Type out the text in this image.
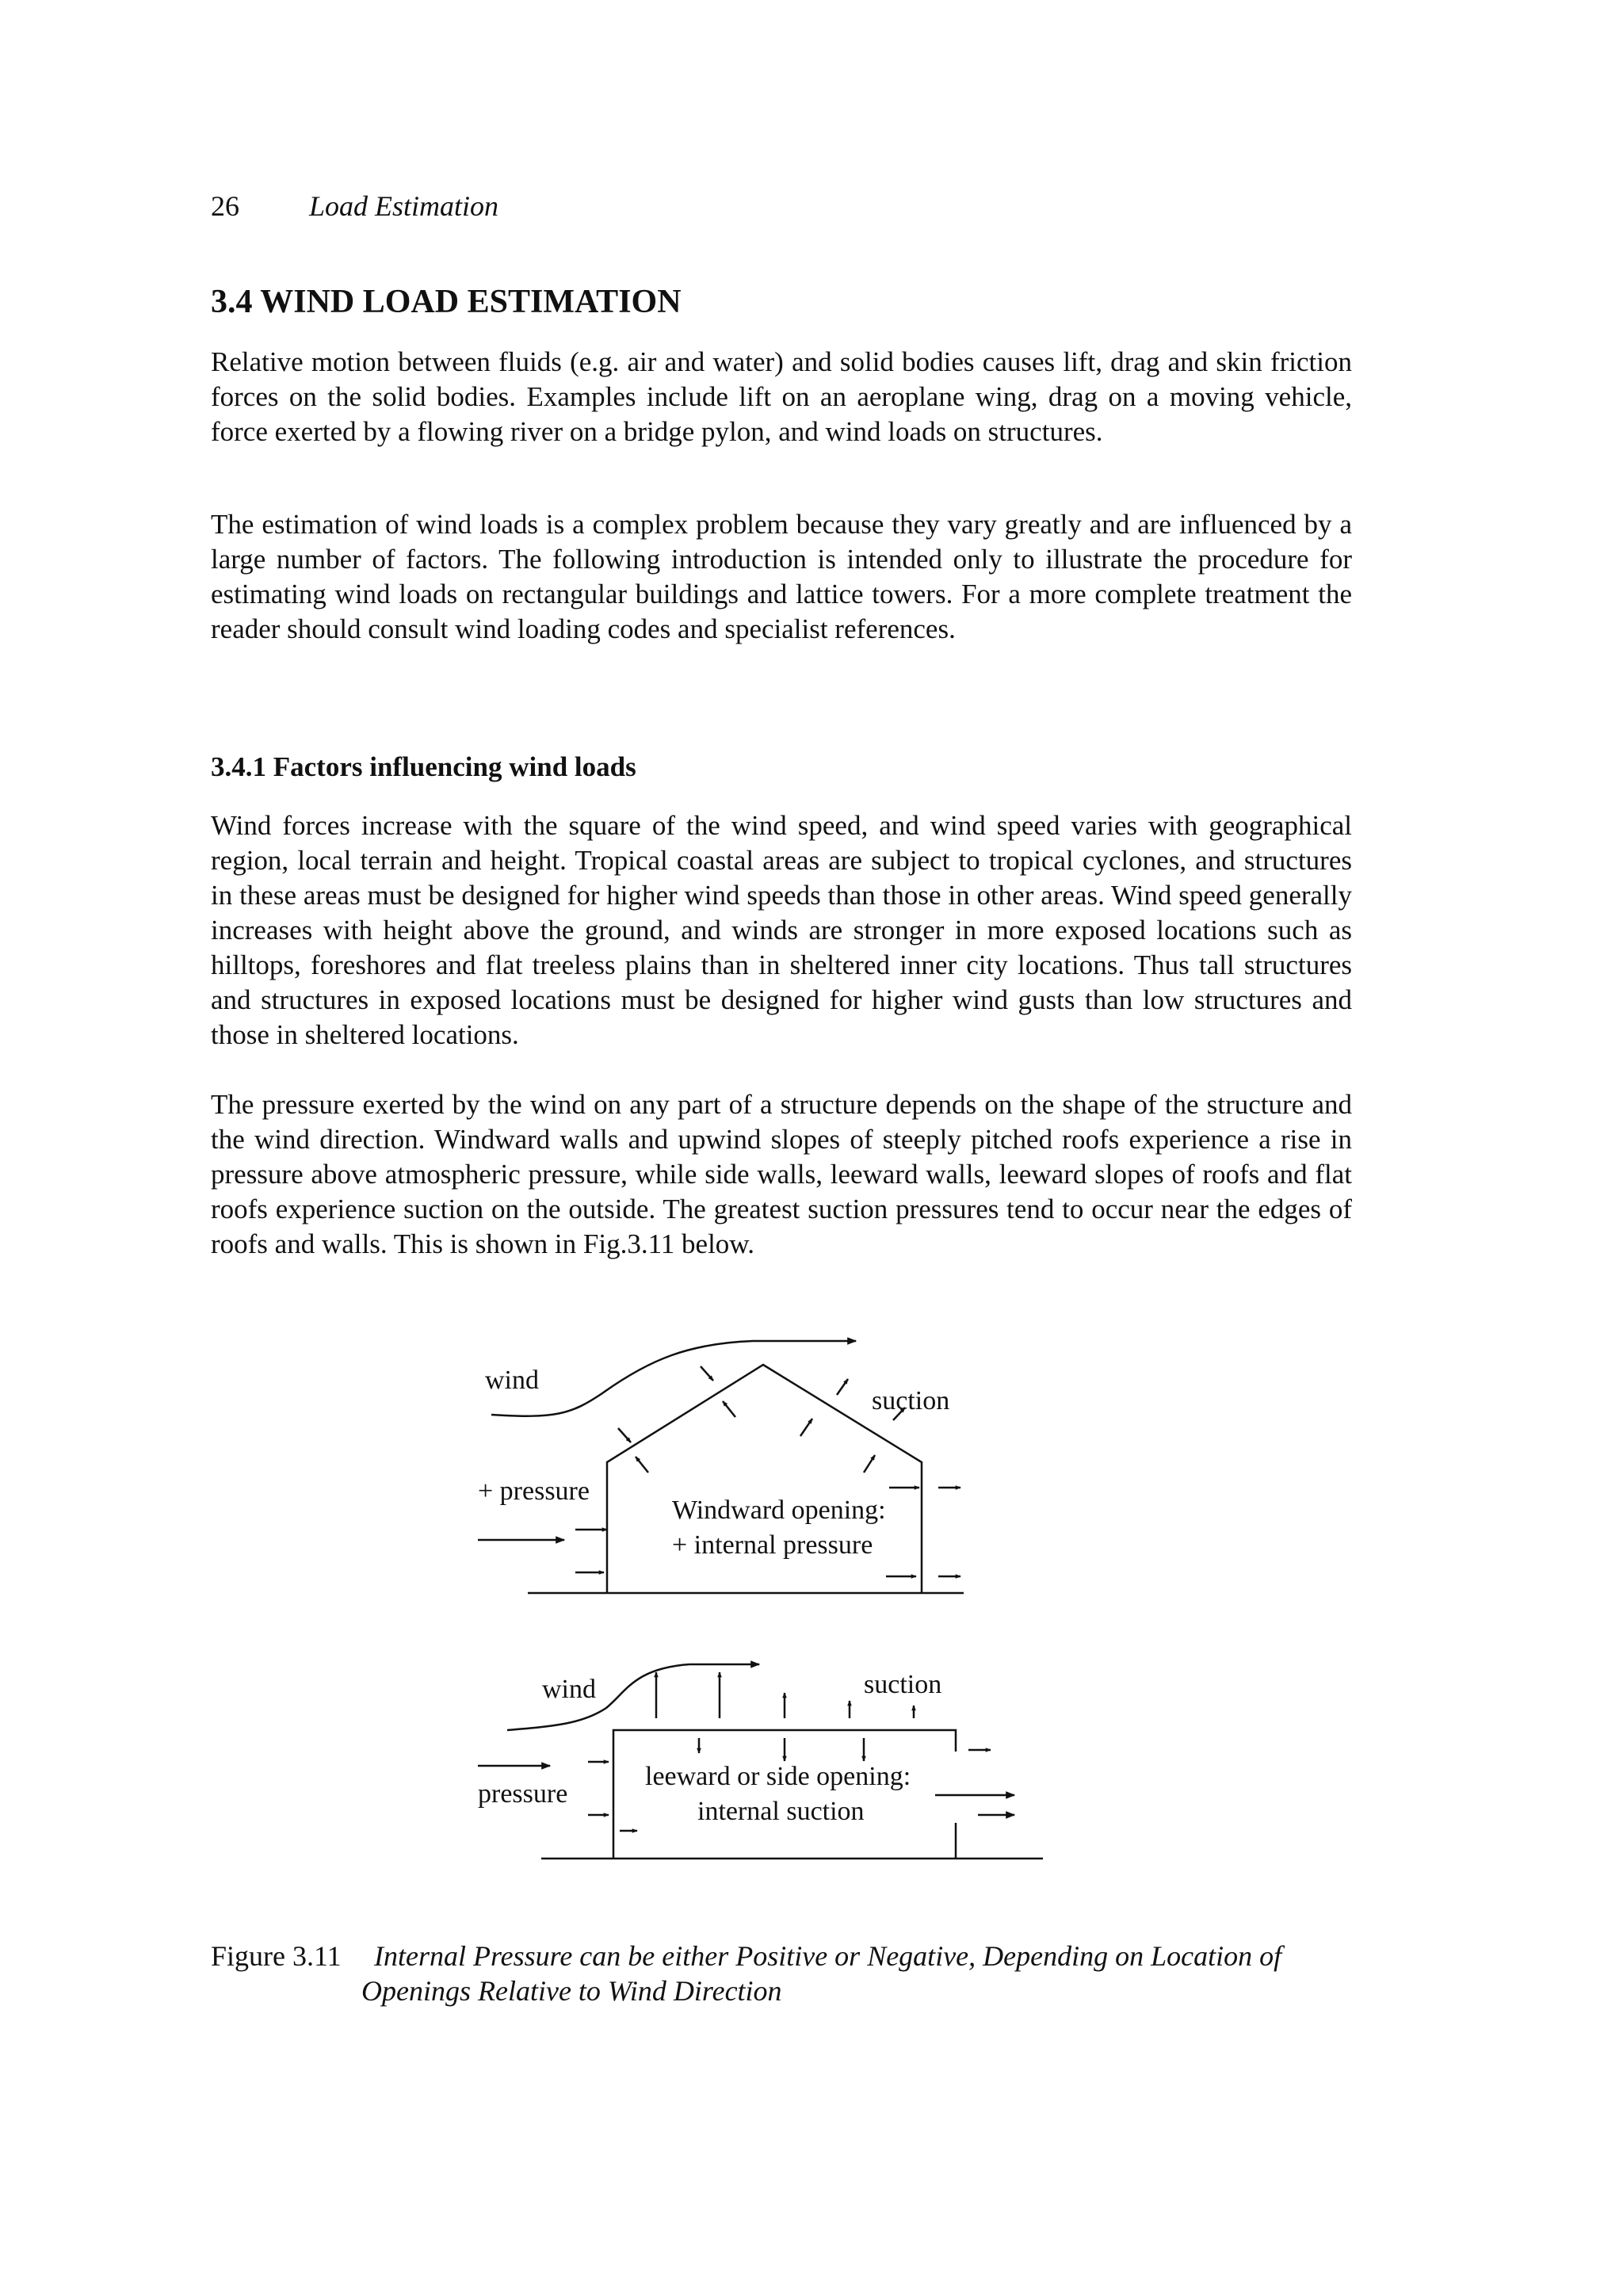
26 Load Estimation
3.4 WIND LOAD ESTIMATION

Relative motion between fluids (e.g. air and water) and solid bodies causes lift, drag and skin friction forces on the solid bodies. Examples include lift on an aeroplane wing, drag on a moving vehicle, force exerted by a flowing river on a bridge pylon, and wind loads on structures.

The estimation of wind loads is a complex problem because they vary greatly and are influenced by a large number of factors. The following introduction is intended only to illustrate the procedure for estimating wind loads on rectangular buildings and lattice towers. For a more complete treatment the reader should consult wind loading codes and specialist references.

3.4.1 Factors influencing wind loads

Wind forces increase with the square of the wind speed, and wind speed varies with geographical region, local terrain and height. Tropical coastal areas are subject to tropical cyclones, and structures in these areas must be designed for higher wind speeds than those in other areas. Wind speed generally increases with height above the ground, and winds are stronger in more exposed locations such as hilltops, foreshores and flat treeless plains than in sheltered inner city locations. Thus tall structures and structures in exposed locations must be designed for higher wind gusts than low structures and those in sheltered locations.

The pressure exerted by the wind on any part of a structure depends on the shape of the structure and the wind direction. Windward walls and upwind slopes of steeply pitched roofs experience a rise in pressure above atmospheric pressure, while side walls, leeward walls, leeward slopes of roofs and flat roofs experience suction on the outside. The greatest suction pressures tend to occur near the edges of roofs and walls. This is shown in Fig.3.11 below.

wind
suction
+ pressure
Windward opening:
+ internal pressure
wind	suction
pressure
leeward or side opening:
internal suction
Figure 3.11 Internal Pressure can be either Positive or Negative, Depending on Location of
Openings Relative to Wind Direction
